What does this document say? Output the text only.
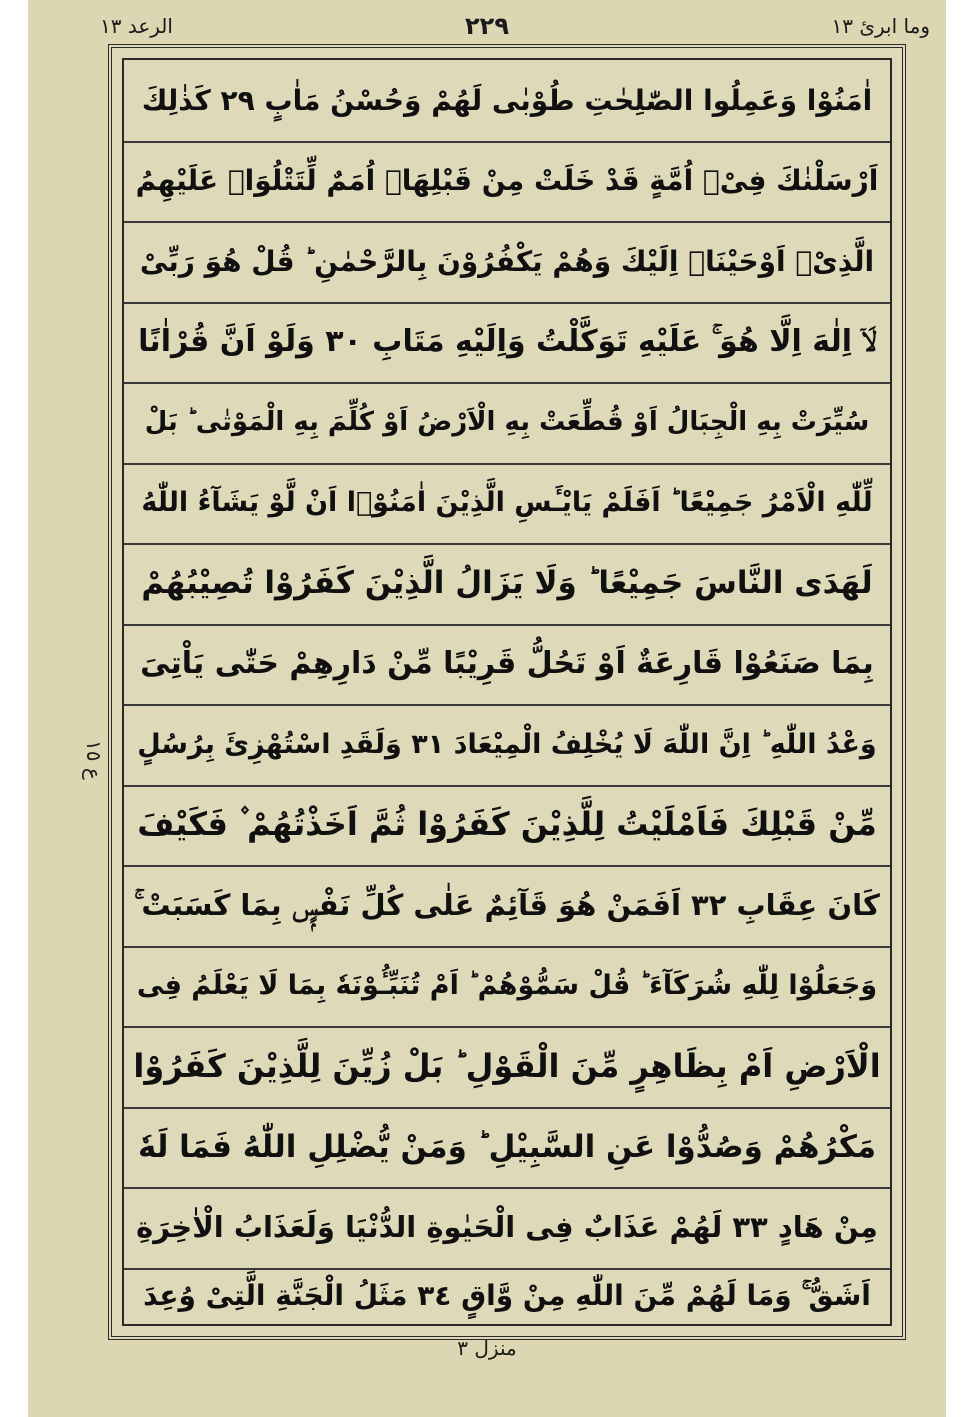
الرعد ١٣	٢٢٩	وما ابرئ ١٣
ع ١٥
اٰمَنُوْا وَعَمِلُوا الصّٰلِحٰتِ طُوْبٰى لَهُمْ وَحُسْنُ مَاٰبٍ ٢٩ كَذٰلِكَ
اَرْسَلْنٰكَ فِىْۤ اُمَّةٍ قَدْ خَلَتْ مِنْ قَبْلِهَاۤ اُمَمٌ لِّتَتْلُوَا۠ عَلَيْهِمُ
الَّذِىْۤ اَوْحَيْنَاۤ اِلَيْكَ وَهُمْ يَكْفُرُوْنَ بِالرَّحْمٰنِ ؕ قُلْ هُوَ رَبِّىْ
لَاۤ اِلٰهَ اِلَّا هُوَ ۚ عَلَيْهِ تَوَكَّلْتُ وَاِلَيْهِ مَتَابِ ٣٠ وَلَوْ اَنَّ قُرْاٰنًا
سُيِّرَتْ بِهِ الْجِبَالُ اَوْ قُطِّعَتْ بِهِ الْاَرْضُ اَوْ كُلِّمَ بِهِ الْمَوْتٰى ؕ بَلْ
لِّلّٰهِ الْاَمْرُ جَمِيْعًا ؕ اَفَلَمْ يَايْـَٔسِ الَّذِيْنَ اٰمَنُوْۤا اَنْ لَّوْ يَشَآءُ اللّٰهُ
لَهَدَى النَّاسَ جَمِيْعًا ؕ وَلَا يَزَالُ الَّذِيْنَ كَفَرُوْا تُصِيْبُهُمْ
بِمَا صَنَعُوْا قَارِعَةٌ اَوْ تَحُلُّ قَرِيْبًا مِّنْ دَارِهِمْ حَتّٰى يَاْتِىَ
وَعْدُ اللّٰهِ ؕ اِنَّ اللّٰهَ لَا يُخْلِفُ الْمِيْعَادَ ٣١ وَلَقَدِ اسْتُهْزِئَ بِرُسُلٍ
مِّنْ قَبْلِكَ فَاَمْلَيْتُ لِلَّذِيْنَ كَفَرُوْا ثُمَّ اَخَذْتُهُمْ ۫ فَكَيْفَ
كَانَ عِقَابِ ٣٢ اَفَمَنْ هُوَ قَآئِمٌ عَلٰى كُلِّ نَفْسٍۭ بِمَا كَسَبَتْ ۚ
وَجَعَلُوْا لِلّٰهِ شُرَكَآءَ ؕ قُلْ سَمُّوْهُمْ ؕ اَمْ تُنَبِّـُٔوْنَهٗ بِمَا لَا يَعْلَمُ فِى
الْاَرْضِ اَمْ بِظَاهِرٍ مِّنَ الْقَوْلِ ؕ بَلْ زُيِّنَ لِلَّذِيْنَ كَفَرُوْا
مَكْرُهُمْ وَصُدُّوْا عَنِ السَّبِيْلِ ؕ وَمَنْ يُّضْلِلِ اللّٰهُ فَمَا لَهٗ
مِنْ هَادٍ ٣٣ لَهُمْ عَذَابٌ فِى الْحَيٰوةِ الدُّنْيَا وَلَعَذَابُ الْاٰخِرَةِ
اَشَقُّ ۚ وَمَا لَهُمْ مِّنَ اللّٰهِ مِنْ وَّاقٍ ٣٤ مَثَلُ الْجَنَّةِ الَّتِىْ وُعِدَ
منزل ٣
